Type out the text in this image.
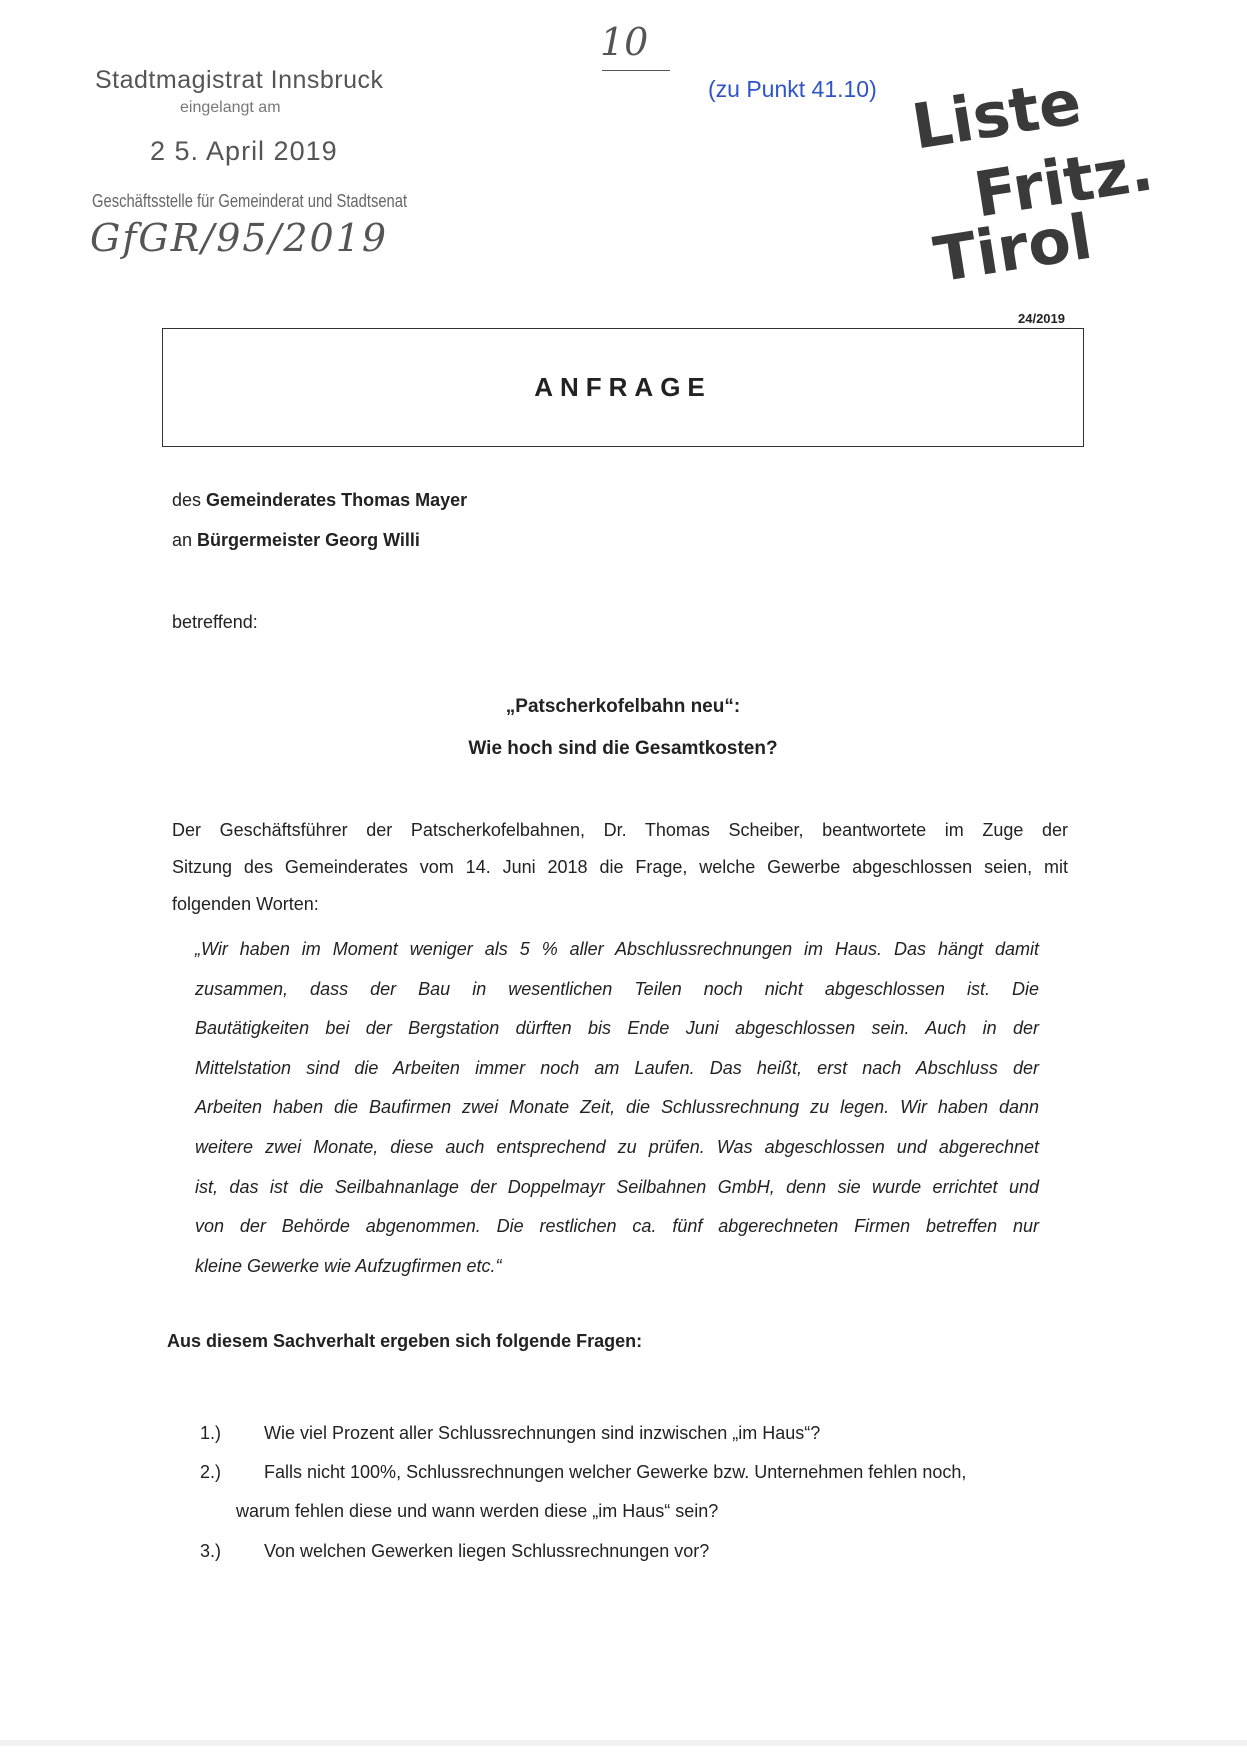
Stadtmagistrat Innsbruck
eingelangt am
2 5. April 2019
Geschäftsstelle für Gemeinderat und Stadtsenat
10
GfGR/95/2019
(zu Punkt 41.10) Liste
Fritz.
Tirol
24/2019
ANFRAGE
des Gemeinderates Thomas Mayer
an Bürgermeister Georg Willi
betreffend:
„Patscherkofelbahn neu“:
Wie hoch sind die Gesamtkosten?
Der Geschäftsführer der Patscherkofelbahnen, Dr. Thomas Scheiber, beantwortete im Zuge der
Sitzung des Gemeinderates vom 14. Juni 2018 die Frage, welche Gewerbe abgeschlossen seien, mit
folgenden Worten:
„Wir haben im Moment weniger als 5 % aller Abschlussrechnungen im Haus. Das hängt damit
zusammen, dass der Bau in wesentlichen Teilen noch nicht abgeschlossen ist. Die
Bautätigkeiten bei der Bergstation dürften bis Ende Juni abgeschlossen sein. Auch in der
Mittelstation sind die Arbeiten immer noch am Laufen. Das heißt, erst nach Abschluss der
Arbeiten haben die Baufirmen zwei Monate Zeit, die Schlussrechnung zu legen. Wir haben dann
weitere zwei Monate, diese auch entsprechend zu prüfen. Was abgeschlossen und abgerechnet
ist, das ist die Seilbahnanlage der Doppelmayr Seilbahnen GmbH, denn sie wurde errichtet und
von der Behörde abgenommen. Die restlichen ca. fünf abgerechneten Firmen betreffen nur
kleine Gewerke wie Aufzugfirmen etc.“
Aus diesem Sachverhalt ergeben sich folgende Fragen:
1.) Wie viel Prozent aller Schlussrechnungen sind inzwischen „im Haus“?
2.) Falls nicht 100%, Schlussrechnungen welcher Gewerke bzw. Unternehmen fehlen noch,
warum fehlen diese und wann werden diese „im Haus“ sein?
3.) Von welchen Gewerken liegen Schlussrechnungen vor?
